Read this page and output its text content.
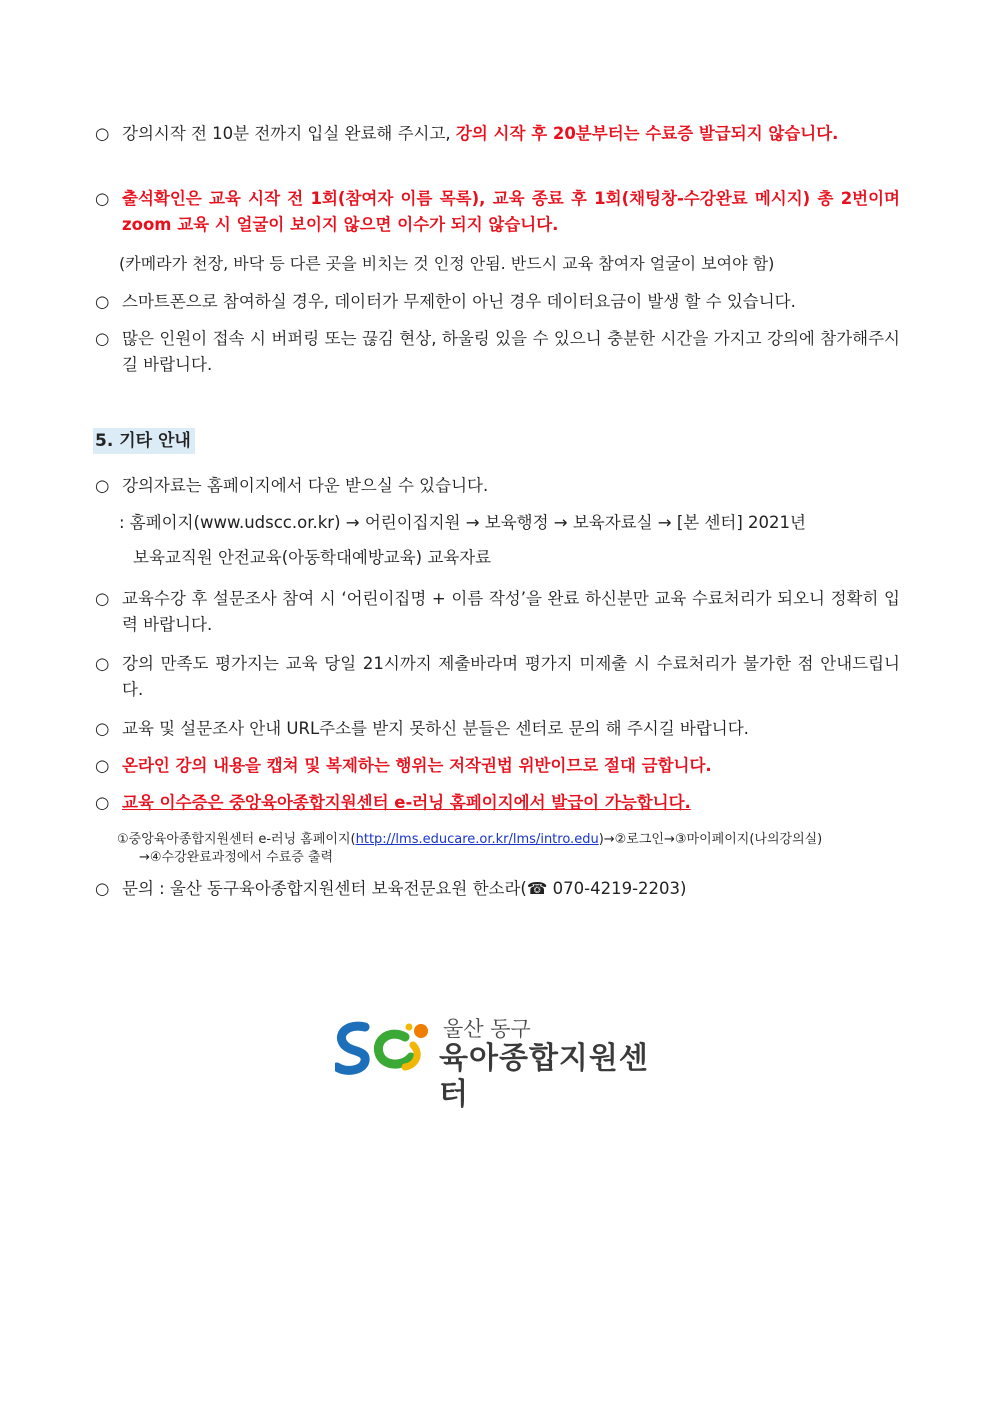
○ 강의시작 전 10분 전까지 입실 완료해 주시고, 강의 시작 후 20분부터는 수료증 발급되지 않습니다.
○ 출석확인은 교육 시작 전 1회(참여자 이름 목록), 교육 종료 후 1회(채팅창-수강완료 메시지) 총 2번이며 zoom 교육 시 얼굴이 보이지 않으면 이수가 되지 않습니다.
(카메라가 천장, 바닥 등 다른 곳을 비치는 것 인정 안됨. 반드시 교육 참여자 얼굴이 보여야 함)
○ 스마트폰으로 참여하실 경우, 데이터가 무제한이 아닌 경우 데이터요금이 발생 할 수 있습니다.
○ 많은 인원이 접속 시 버퍼링 또는 끊김 현상, 하울링 있을 수 있으니 충분한 시간을 가지고 강의에 참가해주시길 바랍니다.
5. 기타 안내
○ 강의자료는 홈페이지에서 다운 받으실 수 있습니다.
: 홈페이지(www.udscc.or.kr) → 어린이집지원 → 보육행정 → 보육자료실 → [본 센터] 2021년
보육교직원 안전교육(아동학대예방교육) 교육자료
○ 교육수강 후 설문조사 참여 시 ‘어린이집명 + 이름 작성’을 완료 하신분만 교육 수료처리가 되오니 정확히 입력 바랍니다.
○ 강의 만족도 평가지는 교육 당일 21시까지 제출바라며 평가지 미제출 시 수료처리가 불가한 점 안내드립니다.
○ 교육 및 설문조사 안내 URL주소를 받지 못하신 분들은 센터로 문의 해 주시길 바랍니다.
○ 온라인 강의 내용을 캡쳐 및 복제하는 행위는 저작권법 위반이므로 절대 금합니다.
○ 교육 이수증은 중앙육아종합지원센터 e-러닝 홈페이지에서 발급이 가능합니다.
①중앙육아종합지원센터 e-러닝 홈페이지(http://lms.educare.or.kr/lms/intro.edu)→②로그인→③마이페이지(나의강의실)
→④수강완료과정에서 수료증 출력
○ 문의 : 울산 동구육아종합지원센터 보육전문요원 한소라(☎ 070-4219-2203)
울산 동구
육아종합지원센터
